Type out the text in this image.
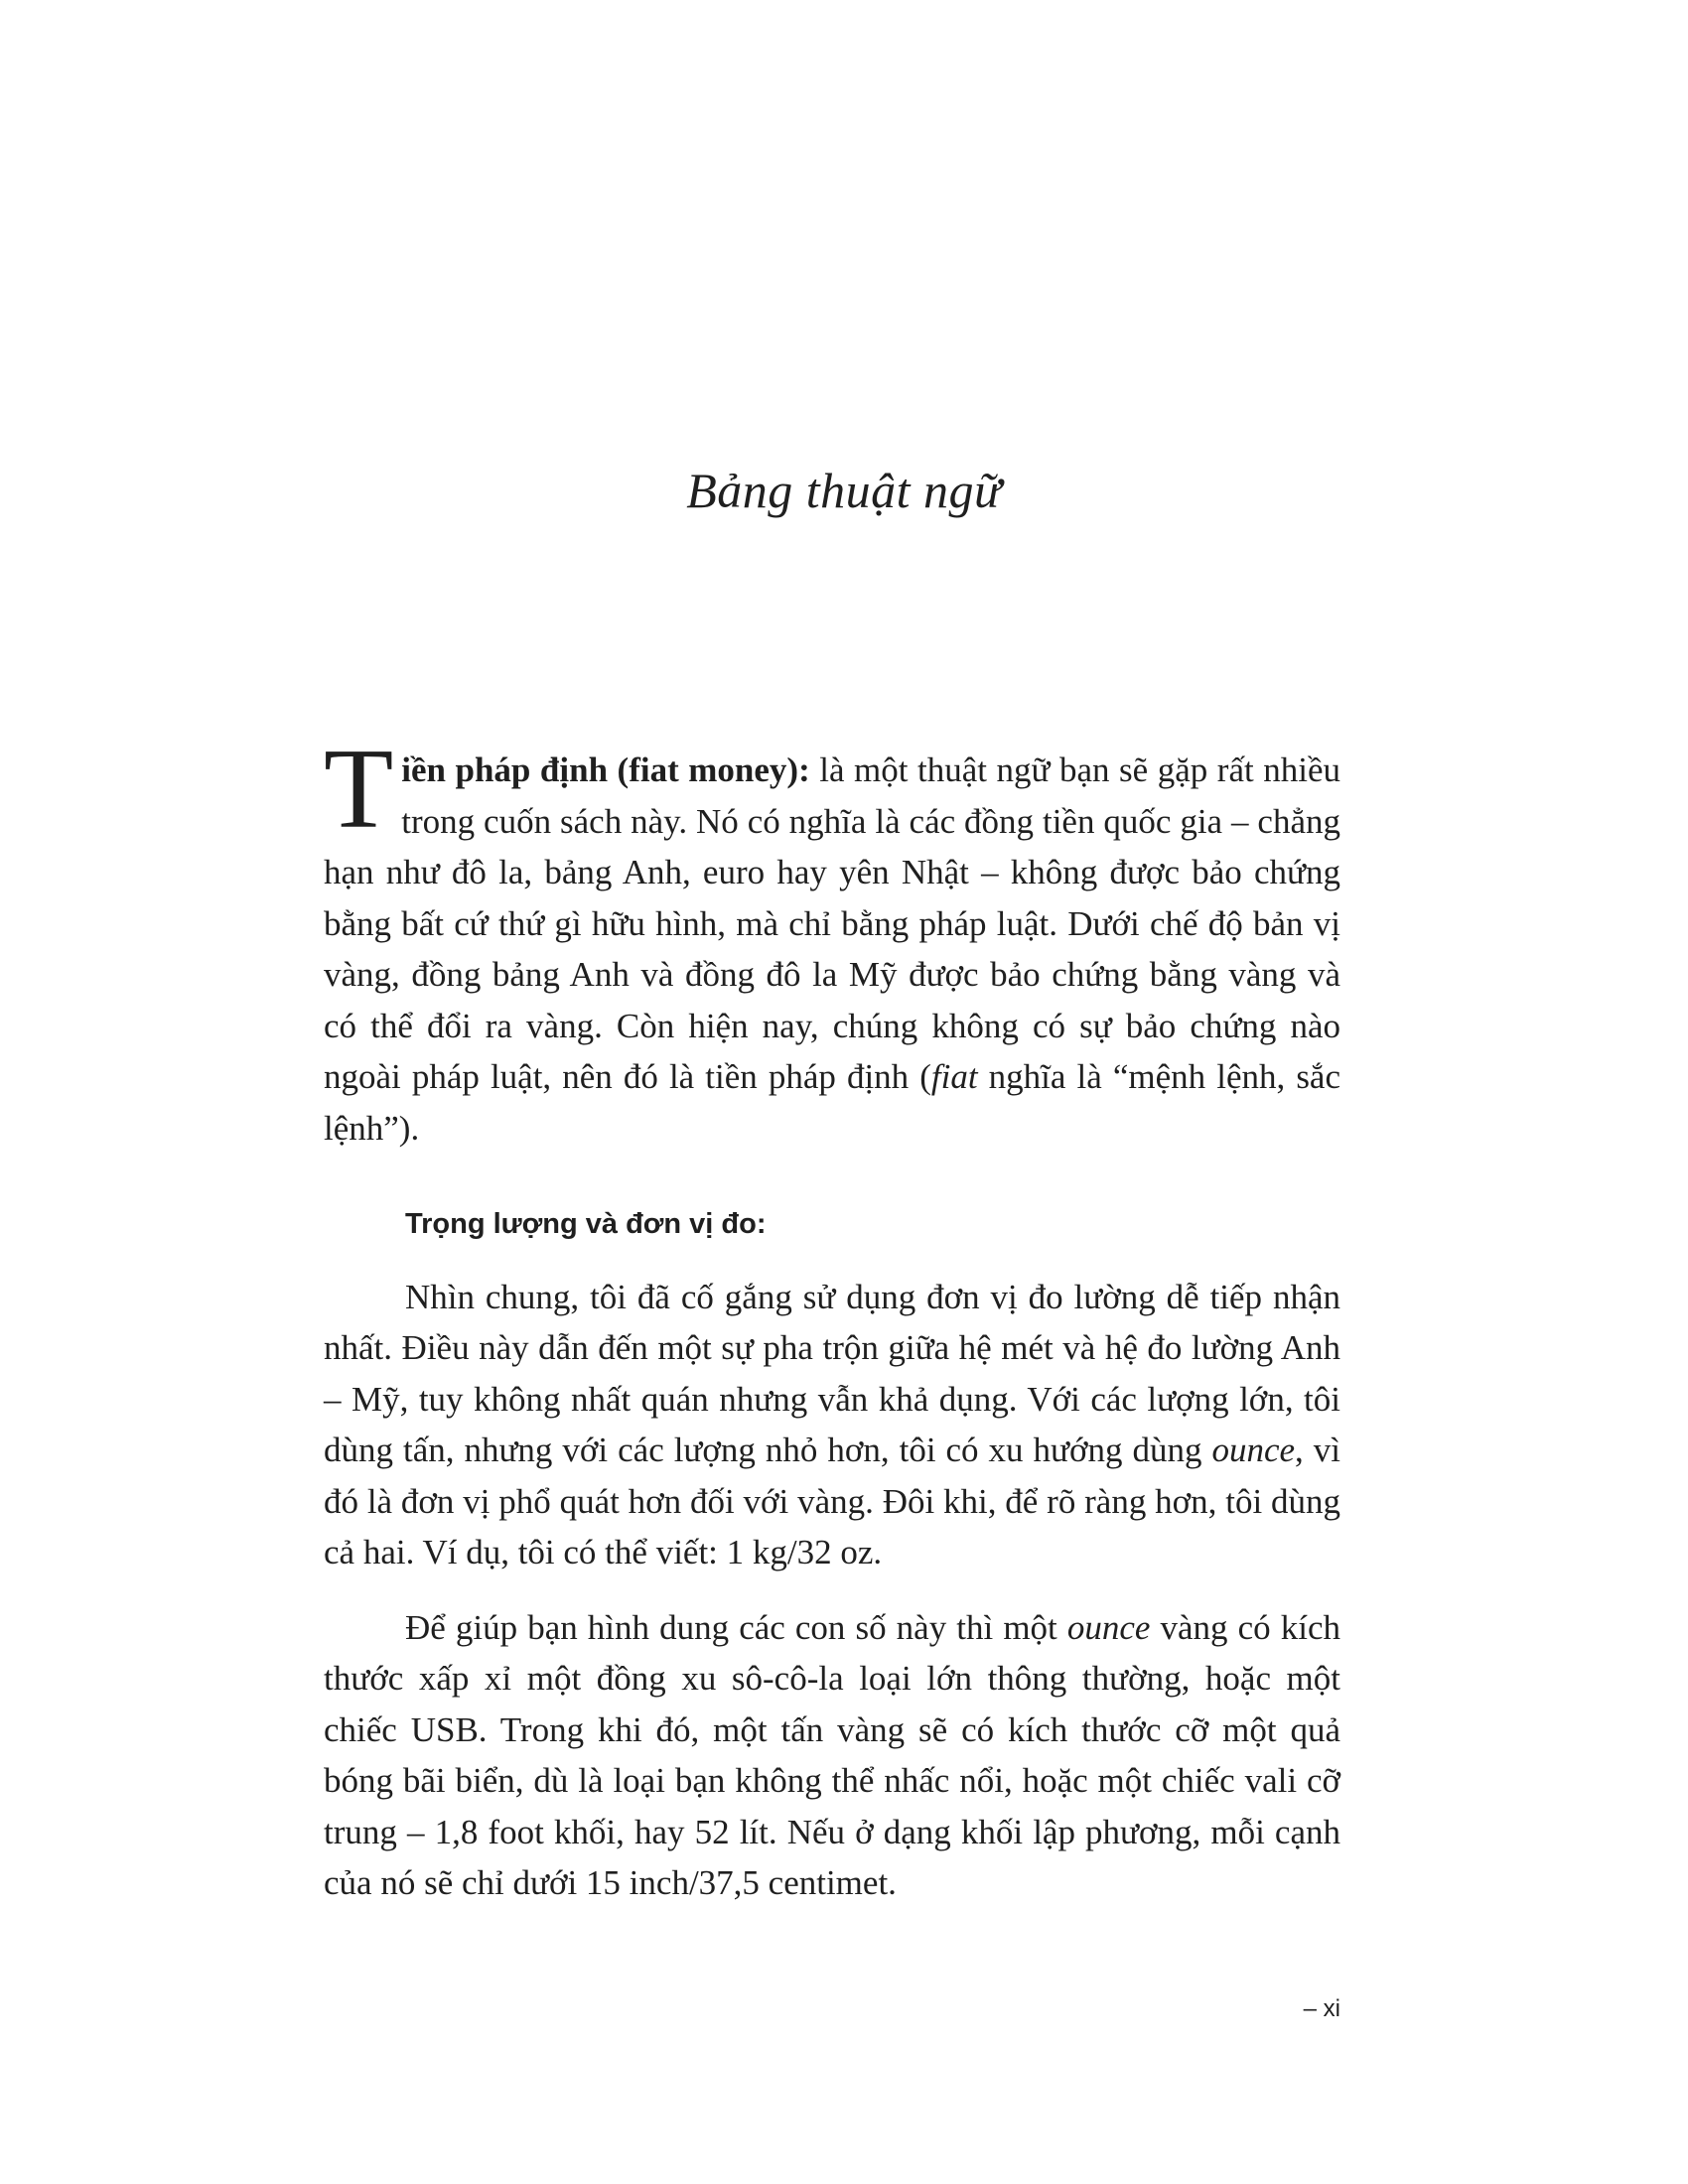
Bảng thuật ngữ

Tiền pháp định (fiat money): là một thuật ngữ bạn sẽ gặp rất nhiều trong cuốn sách này. Nó có nghĩa là các đồng tiền quốc gia – chẳng hạn như đô la, bảng Anh, euro hay yên Nhật – không được bảo chứng bằng bất cứ thứ gì hữu hình, mà chỉ bằng pháp luật. Dưới chế độ bản vị vàng, đồng bảng Anh và đồng đô la Mỹ được bảo chứng bằng vàng và có thể đổi ra vàng. Còn hiện nay, chúng không có sự bảo chứng nào ngoài pháp luật, nên đó là tiền pháp định (fiat nghĩa là “mệnh lệnh, sắc lệnh”).

Trọng lượng và đơn vị đo:

Nhìn chung, tôi đã cố gắng sử dụng đơn vị đo lường dễ tiếp nhận nhất. Điều này dẫn đến một sự pha trộn giữa hệ mét và hệ đo lường Anh – Mỹ, tuy không nhất quán nhưng vẫn khả dụng. Với các lượng lớn, tôi dùng tấn, nhưng với các lượng nhỏ hơn, tôi có xu hướng dùng ounce, vì đó là đơn vị phổ quát hơn đối với vàng. Đôi khi, để rõ ràng hơn, tôi dùng cả hai. Ví dụ, tôi có thể viết: 1 kg/32 oz.

Để giúp bạn hình dung các con số này thì một ounce vàng có kích thước xấp xỉ một đồng xu sô-cô-la loại lớn thông thường, hoặc một chiếc USB. Trong khi đó, một tấn vàng sẽ có kích thước cỡ một quả bóng bãi biển, dù là loại bạn không thể nhấc nổi, hoặc một chiếc vali cỡ trung – 1,8 foot khối, hay 52 lít. Nếu ở dạng khối lập phương, mỗi cạnh của nó sẽ chỉ dưới 15 inch/37,5 centimet.

– xi
